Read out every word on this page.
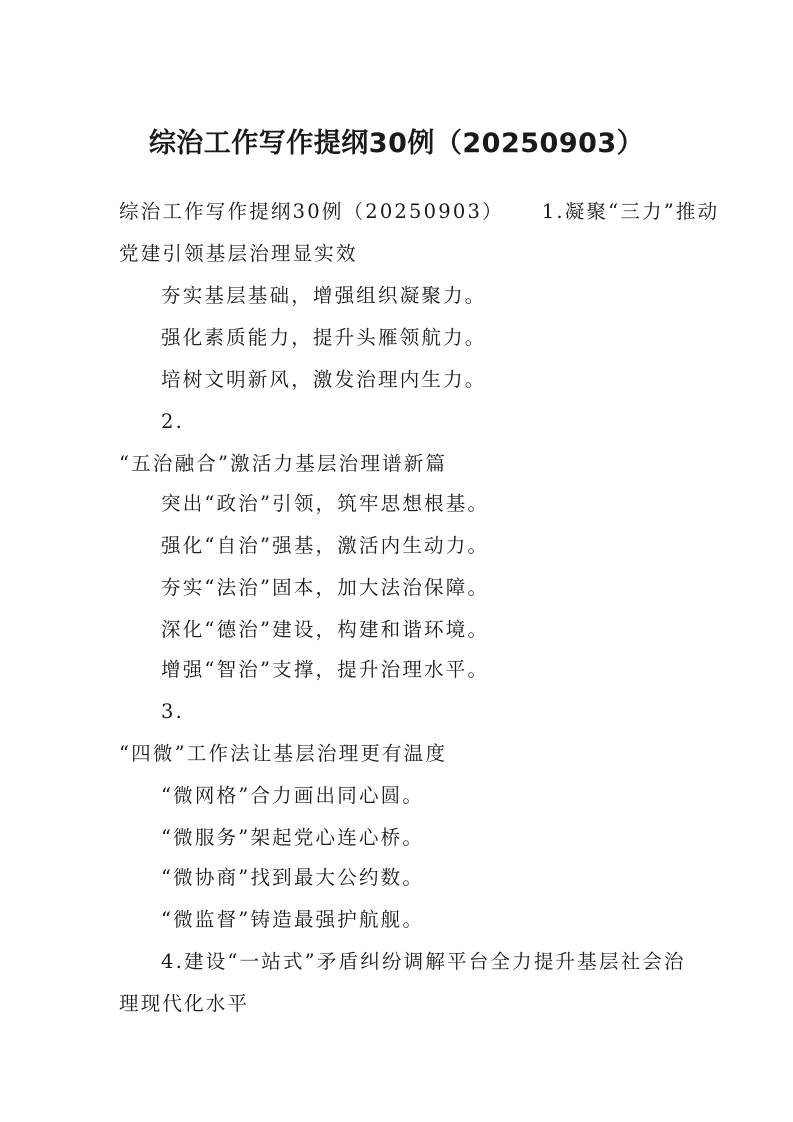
综治工作写作提纲30例（20250903）
综治工作写作提纲30例（20250903） 1.凝聚“三力”推动
党建引领基层治理显实效
夯实基层基础，增强组织凝聚力。
强化素质能力，提升头雁领航力。
培树文明新风，激发治理内生力。
2.
“五治融合”激活力基层治理谱新篇
突出“政治”引领，筑牢思想根基。
强化“自治”强基，激活内生动力。
夯实“法治”固本，加大法治保障。
深化“德治”建设，构建和谐环境。
增强“智治”支撑，提升治理水平。
3.
“四微”工作法让基层治理更有温度
“微网格”合力画出同心圆。
“微服务”架起党心连心桥。
“微协商”找到最大公约数。
“微监督”铸造最强护航舰。
4.建设“一站式”矛盾纠纷调解平台全力提升基层社会治
理现代化水平
